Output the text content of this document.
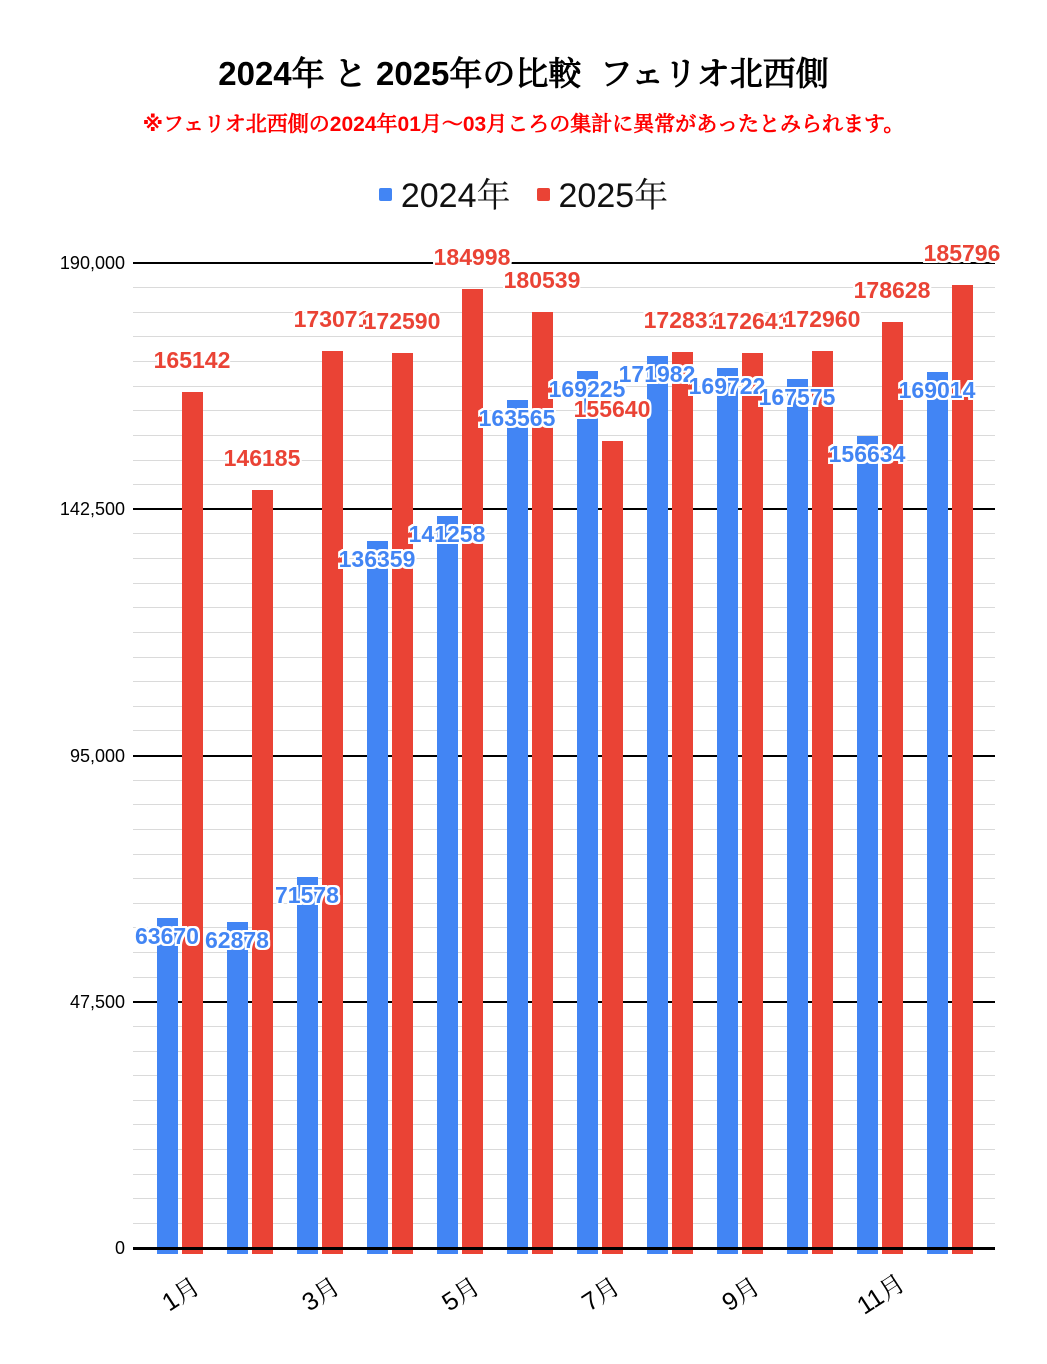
2024年 と 2025年の比較  フェリオ北西側
※フェリオ北西側の2024年01月～03月ころの集計に異常があったとみられます。
2024年 2025年
0
47,500
95,000
142,500
190,000
63670 62878
71578
136359
141258
163565
169225
171982
169722
167575
156634
169014
165142
146185
173071
172590
184998
180539
155640
172831
172641
172960
178628
185796
1月	3月	5月	7月	9月	11月
